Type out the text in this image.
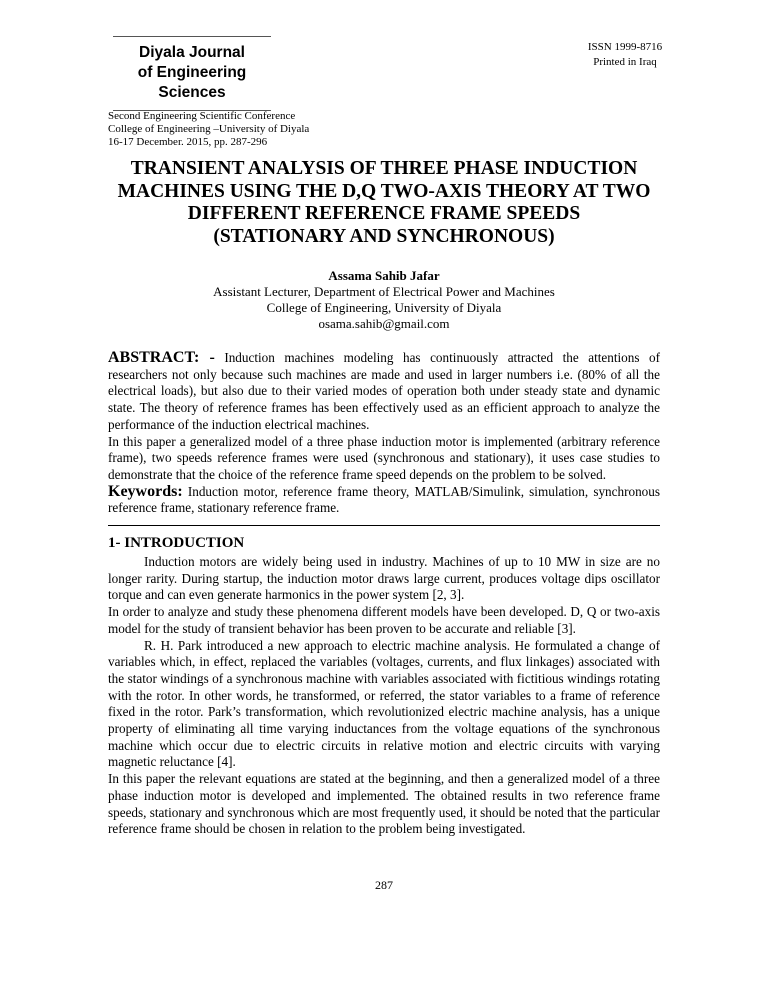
Diyala Journal
of Engineering
Sciences
ISSN 1999-8716
Printed in Iraq
Second Engineering Scientific Conference
College of Engineering –University of Diyala
16-17 December. 2015, pp. 287-296
TRANSIENT ANALYSIS OF THREE PHASE INDUCTION
MACHINES USING THE D,Q TWO-AXIS THEORY AT TWO
DIFFERENT REFERENCE FRAME SPEEDS
(STATIONARY AND SYNCHRONOUS)
Assama Sahib Jafar
Assistant Lecturer, Department of Electrical Power and Machines
College of Engineering, University of Diyala
osama.sahib@gmail.com
ABSTRACT: - Induction machines modeling has continuously attracted the attentions of researchers not only because such machines are made and used in larger numbers i.e. (80% of all the electrical loads), but also due to their varied modes of operation both under steady state and dynamic state. The theory of reference frames has been effectively used as an efficient approach to analyze the performance of the induction electrical machines.
In this paper a generalized model of a three phase induction motor is implemented (arbitrary reference frame), two speeds reference frames were used (synchronous and stationary), it uses case studies to demonstrate that the choice of the reference frame speed depends on the problem to be solved.
Keywords: Induction motor, reference frame theory, MATLAB/Simulink, simulation, synchronous reference frame, stationary reference frame.
1- INTRODUCTION

Induction motors are widely being used in industry. Machines of up to 10 MW in size are no longer rarity. During startup, the induction motor draws large current, produces voltage dips oscillator torque and can even generate harmonics in the power system [2, 3].

In order to analyze and study these phenomena different models have been developed. D, Q or two-axis model for the study of transient behavior has been proven to be accurate and reliable [3].

R. H. Park introduced a new approach to electric machine analysis. He formulated a change of variables which, in effect, replaced the variables (voltages, currents, and flux linkages) associated with the stator windings of a synchronous machine with variables associated with fictitious windings rotating with the rotor. In other words, he transformed, or referred, the stator variables to a frame of reference fixed in the rotor. Park’s transformation, which revolutionized electric machine analysis, has a unique property of eliminating all time varying inductances from the voltage equations of the synchronous machine which occur due to electric circuits in relative motion and electric circuits with varying magnetic reluctance [4].

In this paper the relevant equations are stated at the beginning, and then a generalized model of a three phase induction motor is developed and implemented. The obtained results in two reference frame speeds, stationary and synchronous which are most frequently used, it should be noted that the particular reference frame should be chosen in relation to the problem being investigated.

287
